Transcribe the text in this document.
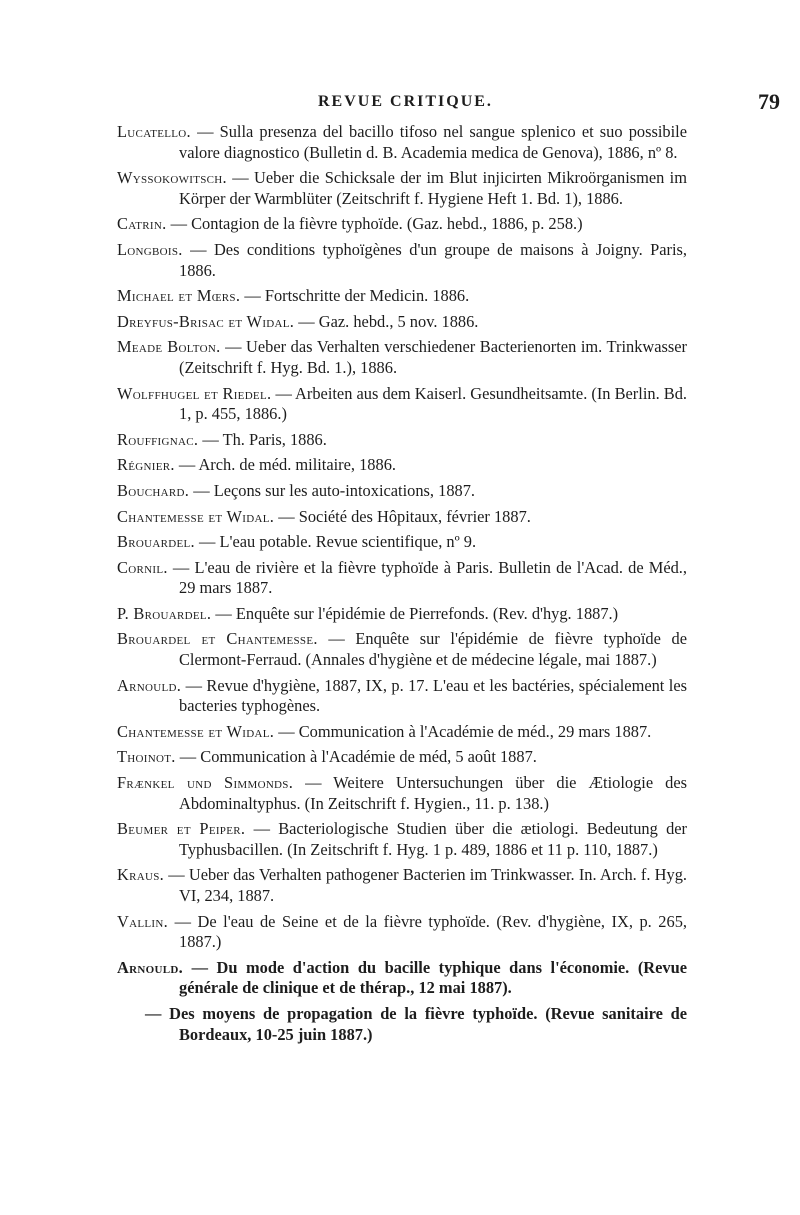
REVUE CRITIQUE.	79

Lucatello. — Sulla presenza del bacillo tifoso nel sangue splenico et suo possibile valore diagnostico (Bulletin d. B. Academia medica de Genova), 1886, nº 8.

Wyssokowitsch. — Ueber die Schicksale der im Blut injicirten Mikroörganismen im Körper der Warmblüter (Zeitschrift f. Hygiene Heft 1. Bd. 1), 1886.

Catrin. — Contagion de la fièvre typhoïde. (Gaz. hebd., 1886, p. 258.)

Longbois. — Des conditions typhoïgènes d'un groupe de maisons à Joigny. Paris, 1886.

Michael et Mœrs. — Fortschritte der Medicin. 1886.

Dreyfus-Brisac et Widal. — Gaz. hebd., 5 nov. 1886.

Meade Bolton. — Ueber das Verhalten verschiedener Bacterienorten im. Trinkwasser (Zeitschrift f. Hyg. Bd. 1.), 1886.

Wolffhugel et Riedel. — Arbeiten aus dem Kaiserl. Gesundheitsamte. (In Berlin. Bd. 1, p. 455, 1886.)

Rouffignac. — Th. Paris, 1886.

Régnier. — Arch. de méd. militaire, 1886.

Bouchard. — Leçons sur les auto-intoxications, 1887.

Chantemesse et Widal. — Société des Hôpitaux, février 1887.

Brouardel. — L'eau potable. Revue scientifique, nº 9.

Cornil. — L'eau de rivière et la fièvre typhoïde à Paris. Bulletin de l'Acad. de Méd., 29 mars 1887.

P. Brouardel. — Enquête sur l'épidémie de Pierrefonds. (Rev. d'hyg. 1887.)

Brouardel et Chantemesse. — Enquête sur l'épidémie de fièvre typhoïde de Clermont-Ferraud. (Annales d'hygiène et de médecine légale, mai 1887.)

Arnould. — Revue d'hygiène, 1887, IX, p. 17. L'eau et les bactéries, spécialement les bacteries typhogènes.

Chantemesse et Widal. — Communication à l'Académie de méd., 29 mars 1887.

Thoinot. — Communication à l'Académie de méd, 5 août 1887.

Frænkel und Simmonds. — Weitere Untersuchungen über die Ætiologie des Abdominaltyphus. (In Zeitschrift f. Hygien., 11. p. 138.)

Beumer et Peiper. — Bacteriologische Studien über die ætiologi. Bedeutung der Typhusbacillen. (In Zeitschrift f. Hyg. 1 p. 489, 1886 et 11 p. 110, 1887.)

Kraus. — Ueber das Verhalten pathogener Bacterien im Trinkwasser. In. Arch. f. Hyg. VI, 234, 1887.

Vallin. — De l'eau de Seine et de la fièvre typhoïde. (Rev. d'hygiène, IX, p. 265, 1887.)

Arnould. — Du mode d'action du bacille typhique dans l'économie. (Revue générale de clinique et de thérap., 12 mai 1887).

— Des moyens de propagation de la fièvre typhoïde. (Revue sanitaire de Bordeaux, 10-25 juin 1887.)
